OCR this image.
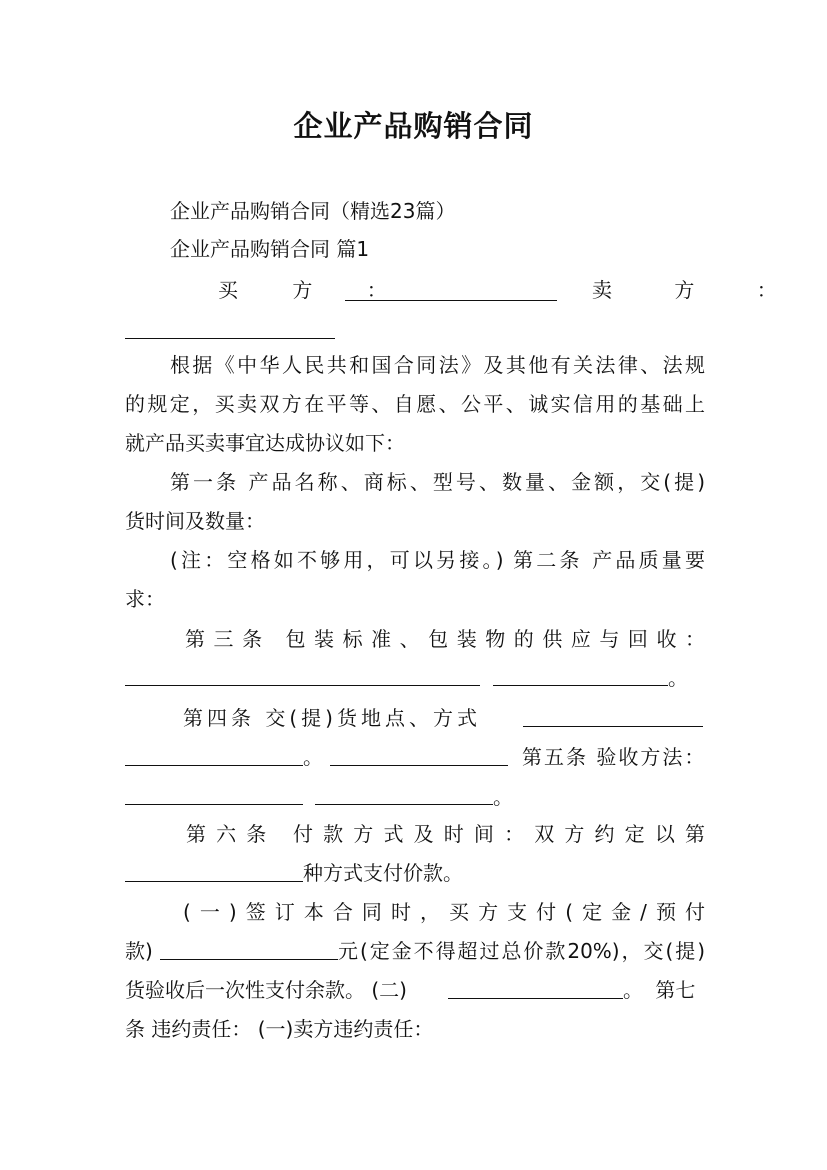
企业产品购销合同
企业产品购销合同（精选23篇）
企业产品购销合同 篇1
买 方 ：	卖 方 ：
根据《中华人民共和国合同法》及其他有关法律、法规
的规定，买卖双方在平等、自愿、公平、诚实信用的基础上
就产品买卖事宜达成协议如下：
第一条 产品名称、商标、型号、数量、金额，交(提)
货时间及数量：
(注：空格如不够用，可以另接。) 第二条 产品质量要
求：
第三条 包装标准、包装物的供应与回收：
。
第四条 交(提)货地点、方式
。	第五条 验收方法：
。
第六条 付款方式及时间：双方约定以第
种方式支付价款。
(一)签订本合同时，买方支付(定金/预付
款)	元(定金不得超过总价款20%)，交(提)
货验收后一次性支付余款。 (二)	。 第七
条 违约责任： (一)卖方违约责任：
